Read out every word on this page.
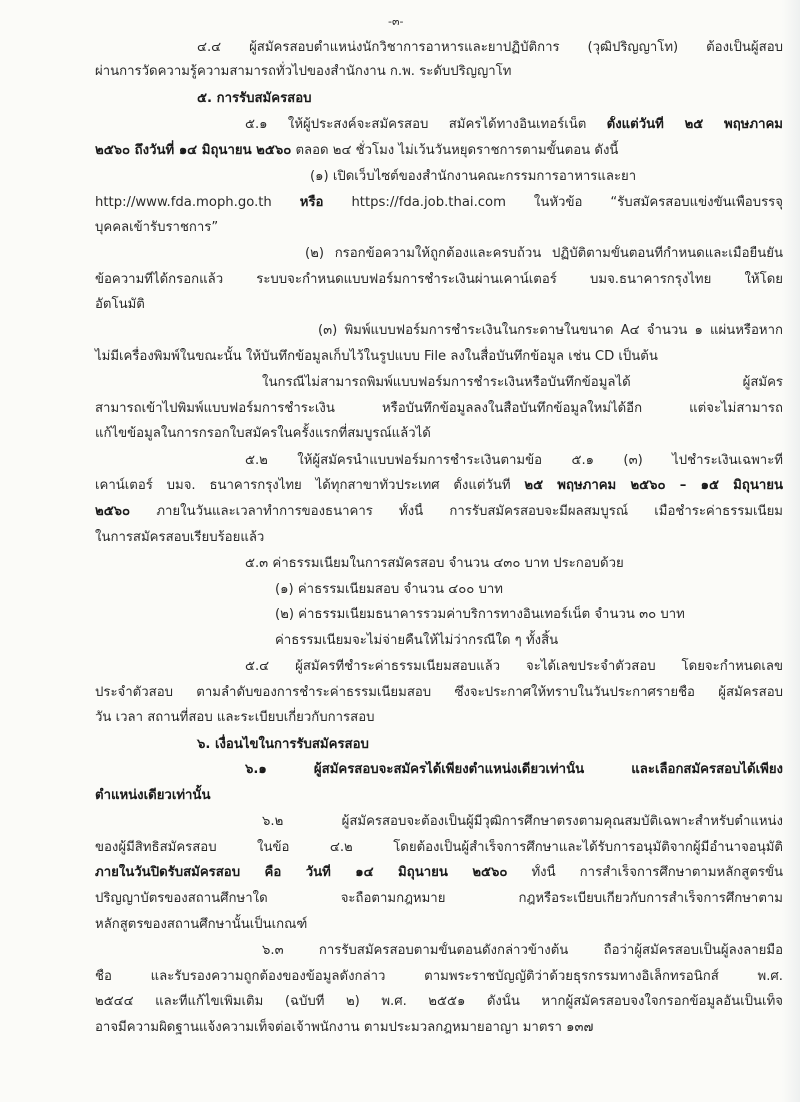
-๓-
๔.๔ ผู้สมัครสอบตำแหน่งนักวิชาการอาหารและยาปฏิบัติการ (วุฒิปริญญาโท) ต้องเป็นผู้สอบ
ผ่านการวัดความรู้ความสามารถทั่วไปของสำนักงาน ก.พ. ระดับปริญญาโท
๕. การรับสมัครสอบ
๕.๑ ให้ผู้ประสงค์จะสมัครสอบ สมัครได้ทางอินเทอร์เน็ต ตั้งแต่วันที่ ๒๕ พฤษภาคม
๒๕๖๐ ถึงวันที่ ๑๔ มิถุนายน ๒๕๖๐ ตลอด ๒๔ ชั่วโมง ไม่เว้นวันหยุดราชการตามขั้นตอน ดังนี้
(๑) เปิดเว็บไซต์ของสำนักงานคณะกรรมการอาหารและยา
http://www.fda.moph.go.th หรือ https://fda.job.thai.com ในหัวข้อ “รับสมัครสอบแข่งขันเพื่อบรรจุ
บุคคลเข้ารับราชการ”
(๒) กรอกข้อความให้ถูกต้องและครบถ้วน ปฏิบัติตามขั้นตอนที่กำหนดและเมื่อยืนยัน
ข้อความที่ได้กรอกแล้ว ระบบจะกำหนดแบบฟอร์มการชำระเงินผ่านเคาน์เตอร์ บมจ.ธนาคารกรุงไทย ให้โดย
อัตโนมัติ
(๓) พิมพ์แบบฟอร์มการชำระเงินในกระดาษในขนาด A๔ จำนวน ๑ แผ่นหรือหาก
ไม่มีเครื่องพิมพ์ในขณะนั้น ให้บันทึกข้อมูลเก็บไว้ในรูปแบบ File ลงในสื่อบันทึกข้อมูล เช่น CD เป็นต้น
ในกรณีไม่สามารถพิมพ์แบบฟอร์มการชำระเงินหรือบันทึกข้อมูลได้ ผู้สมัคร
สามารถเข้าไปพิมพ์แบบฟอร์มการชำระเงิน หรือบันทึกข้อมูลลงในสื่อบันทึกข้อมูลใหม่ได้อีก แต่จะไม่สามารถ
แก้ไขข้อมูลในการกรอกใบสมัครในครั้งแรกที่สมบูรณ์แล้วได้
๕.๒ ให้ผู้สมัครนำแบบฟอร์มการชำระเงินตามข้อ ๕.๑ (๓) ไปชำระเงินเฉพาะที่
เคาน์เตอร์ บมจ. ธนาคารกรุงไทย ได้ทุกสาขาทั่วประเทศ ตั้งแต่วันที่ ๒๕ พฤษภาคม ๒๕๖๐ – ๑๕ มิถุนายน
๒๕๖๐ ภายในวันและเวลาทำการของธนาคาร ทั้งนี้ การรับสมัครสอบจะมีผลสมบูรณ์ เมื่อชำระค่าธรรมเนียม
ในการสมัครสอบเรียบร้อยแล้ว
๕.๓ ค่าธรรมเนียมในการสมัครสอบ จำนวน ๔๓๐ บาท ประกอบด้วย
(๑) ค่าธรรมเนียมสอบ จำนวน ๔๐๐ บาท
(๒) ค่าธรรมเนียมธนาคารรวมค่าบริการทางอินเทอร์เน็ต จำนวน ๓๐ บาท
ค่าธรรมเนียมจะไม่จ่ายคืนให้ไม่ว่ากรณีใด ๆ ทั้งสิ้น
๕.๔ ผู้สมัครที่ชำระค่าธรรมเนียมสอบแล้ว จะได้เลขประจำตัวสอบ โดยจะกำหนดเลข
ประจำตัวสอบ ตามลำดับของการชำระค่าธรรมเนียมสอบ ซึ่งจะประกาศให้ทราบในวันประกาศรายชื่อ ผู้สมัครสอบ
วัน เวลา สถานที่สอบ และระเบียบเกี่ยวกับการสอบ
๖. เงื่อนไขในการรับสมัครสอบ
๖.๑ ผู้สมัครสอบจะสมัครได้เพียงตำแหน่งเดียวเท่านั้น และเลือกสมัครสอบได้เพียง
ตำแหน่งเดียวเท่านั้น
๖.๒ ผู้สมัครสอบจะต้องเป็นผู้มีวุฒิการศึกษาตรงตามคุณสมบัติเฉพาะสำหรับตำแหน่ง
ของผู้มีสิทธิสมัครสอบ ในข้อ ๔.๒ โดยต้องเป็นผู้สำเร็จการศึกษาและได้รับการอนุมัติจากผู้มีอำนาจอนุมัติ
ภายในวันปิดรับสมัครสอบ คือ วันที่ ๑๔ มิถุนายน ๒๕๖๐ ทั้งนี้ การสำเร็จการศึกษาตามหลักสูตรขั้น
ปริญญาบัตรของสถานศึกษาใด จะถือตามกฎหมาย กฎหรือระเบียบเกี่ยวกับการสำเร็จการศึกษาตาม
หลักสูตรของสถานศึกษานั้นเป็นเกณฑ์
๖.๓ การรับสมัครสอบตามขั้นตอนดังกล่าวข้างต้น ถือว่าผู้สมัครสอบเป็นผู้ลงลายมือ
ชื่อ และรับรองความถูกต้องของข้อมูลดังกล่าว ตามพระราชบัญญัติว่าด้วยธุรกรรมทางอิเล็กทรอนิกส์ พ.ศ.
๒๕๔๔ และที่แก้ไขเพิ่มเติม (ฉบับที่ ๒) พ.ศ. ๒๕๕๑ ดังนั้น หากผู้สมัครสอบจงใจกรอกข้อมูลอันเป็นเท็จ
อาจมีความผิดฐานแจ้งความเท็จต่อเจ้าพนักงาน ตามประมวลกฎหมายอาญา มาตรา ๑๓๗
